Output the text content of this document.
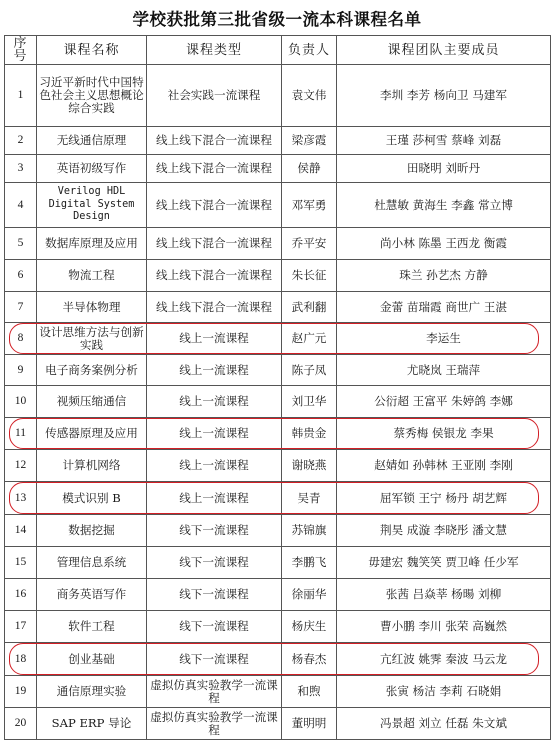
学校获批第三批省级一流本科课程名单
序号	课程名称	课程类型	负责人	课程团队主要成员
1	习近平新时代中国特色社会主义思想概论综合实践	社会实践一流课程	袁文伟	李圳 李芳 杨向卫 马建军
2	无线通信原理	线上线下混合一流课程	梁彦霞	王瑾 莎柯雪 蔡峰 刘磊
3	英语初级写作	线上线下混合一流课程	侯静	田晓明 刘昕丹
4	Verilog HDL Digital System Design	线上线下混合一流课程	邓军勇	杜慧敏 黄海生 李鑫 常立博
5	数据库原理及应用	线上线下混合一流课程	乔平安	尚小林 陈墨 王西龙 衡霞
6	物流工程	线上线下混合一流课程	朱长征	珠兰 孙艺杰 方静
7	半导体物理	线上线下混合一流课程	武利翻	金蕾 苗瑞霞 商世广 王湛
8	设计思维方法与创新实践	线上一流课程	赵广元	李运生
9	电子商务案例分析	线上一流课程	陈子凤	尤晓岚 王瑞萍
10	视频压缩通信	线上一流课程	刘卫华	公衍超 王富平 朱婷鸽 李娜
11	传感器原理及应用	线上一流课程	韩贵金	蔡秀梅 侯银龙 李果
12	计算机网络	线上一流课程	谢晓燕	赵婧如 孙韩林 王亚刚 李刚
13	模式识别 B	线上一流课程	吴青	屈军锁 王宁 杨丹 胡艺辉
14	数据挖掘	线下一流课程	苏锦旗	荆昊 成漩 李晓彤 潘文慧
15	管理信息系统	线下一流课程	李鹏飞	毋建宏 魏笑笑 贾卫峰 任少军
16	商务英语写作	线下一流课程	徐丽华	张茜 吕焱莘 杨暘 刘柳
17	软件工程	线下一流课程	杨庆生	曹小鹏 李川 张荣 高巍然
18	创业基础	线下一流课程	杨春杰	亢红波 姚霁 秦波 马云龙
19	通信原理实验	虚拟仿真实验教学一流课程	和煦	张寅 杨洁 李莉 石晓娟
20	SAP ERP 导论	虚拟仿真实验教学一流课程	董明明	冯景超 刘立 任磊 朱文斌
